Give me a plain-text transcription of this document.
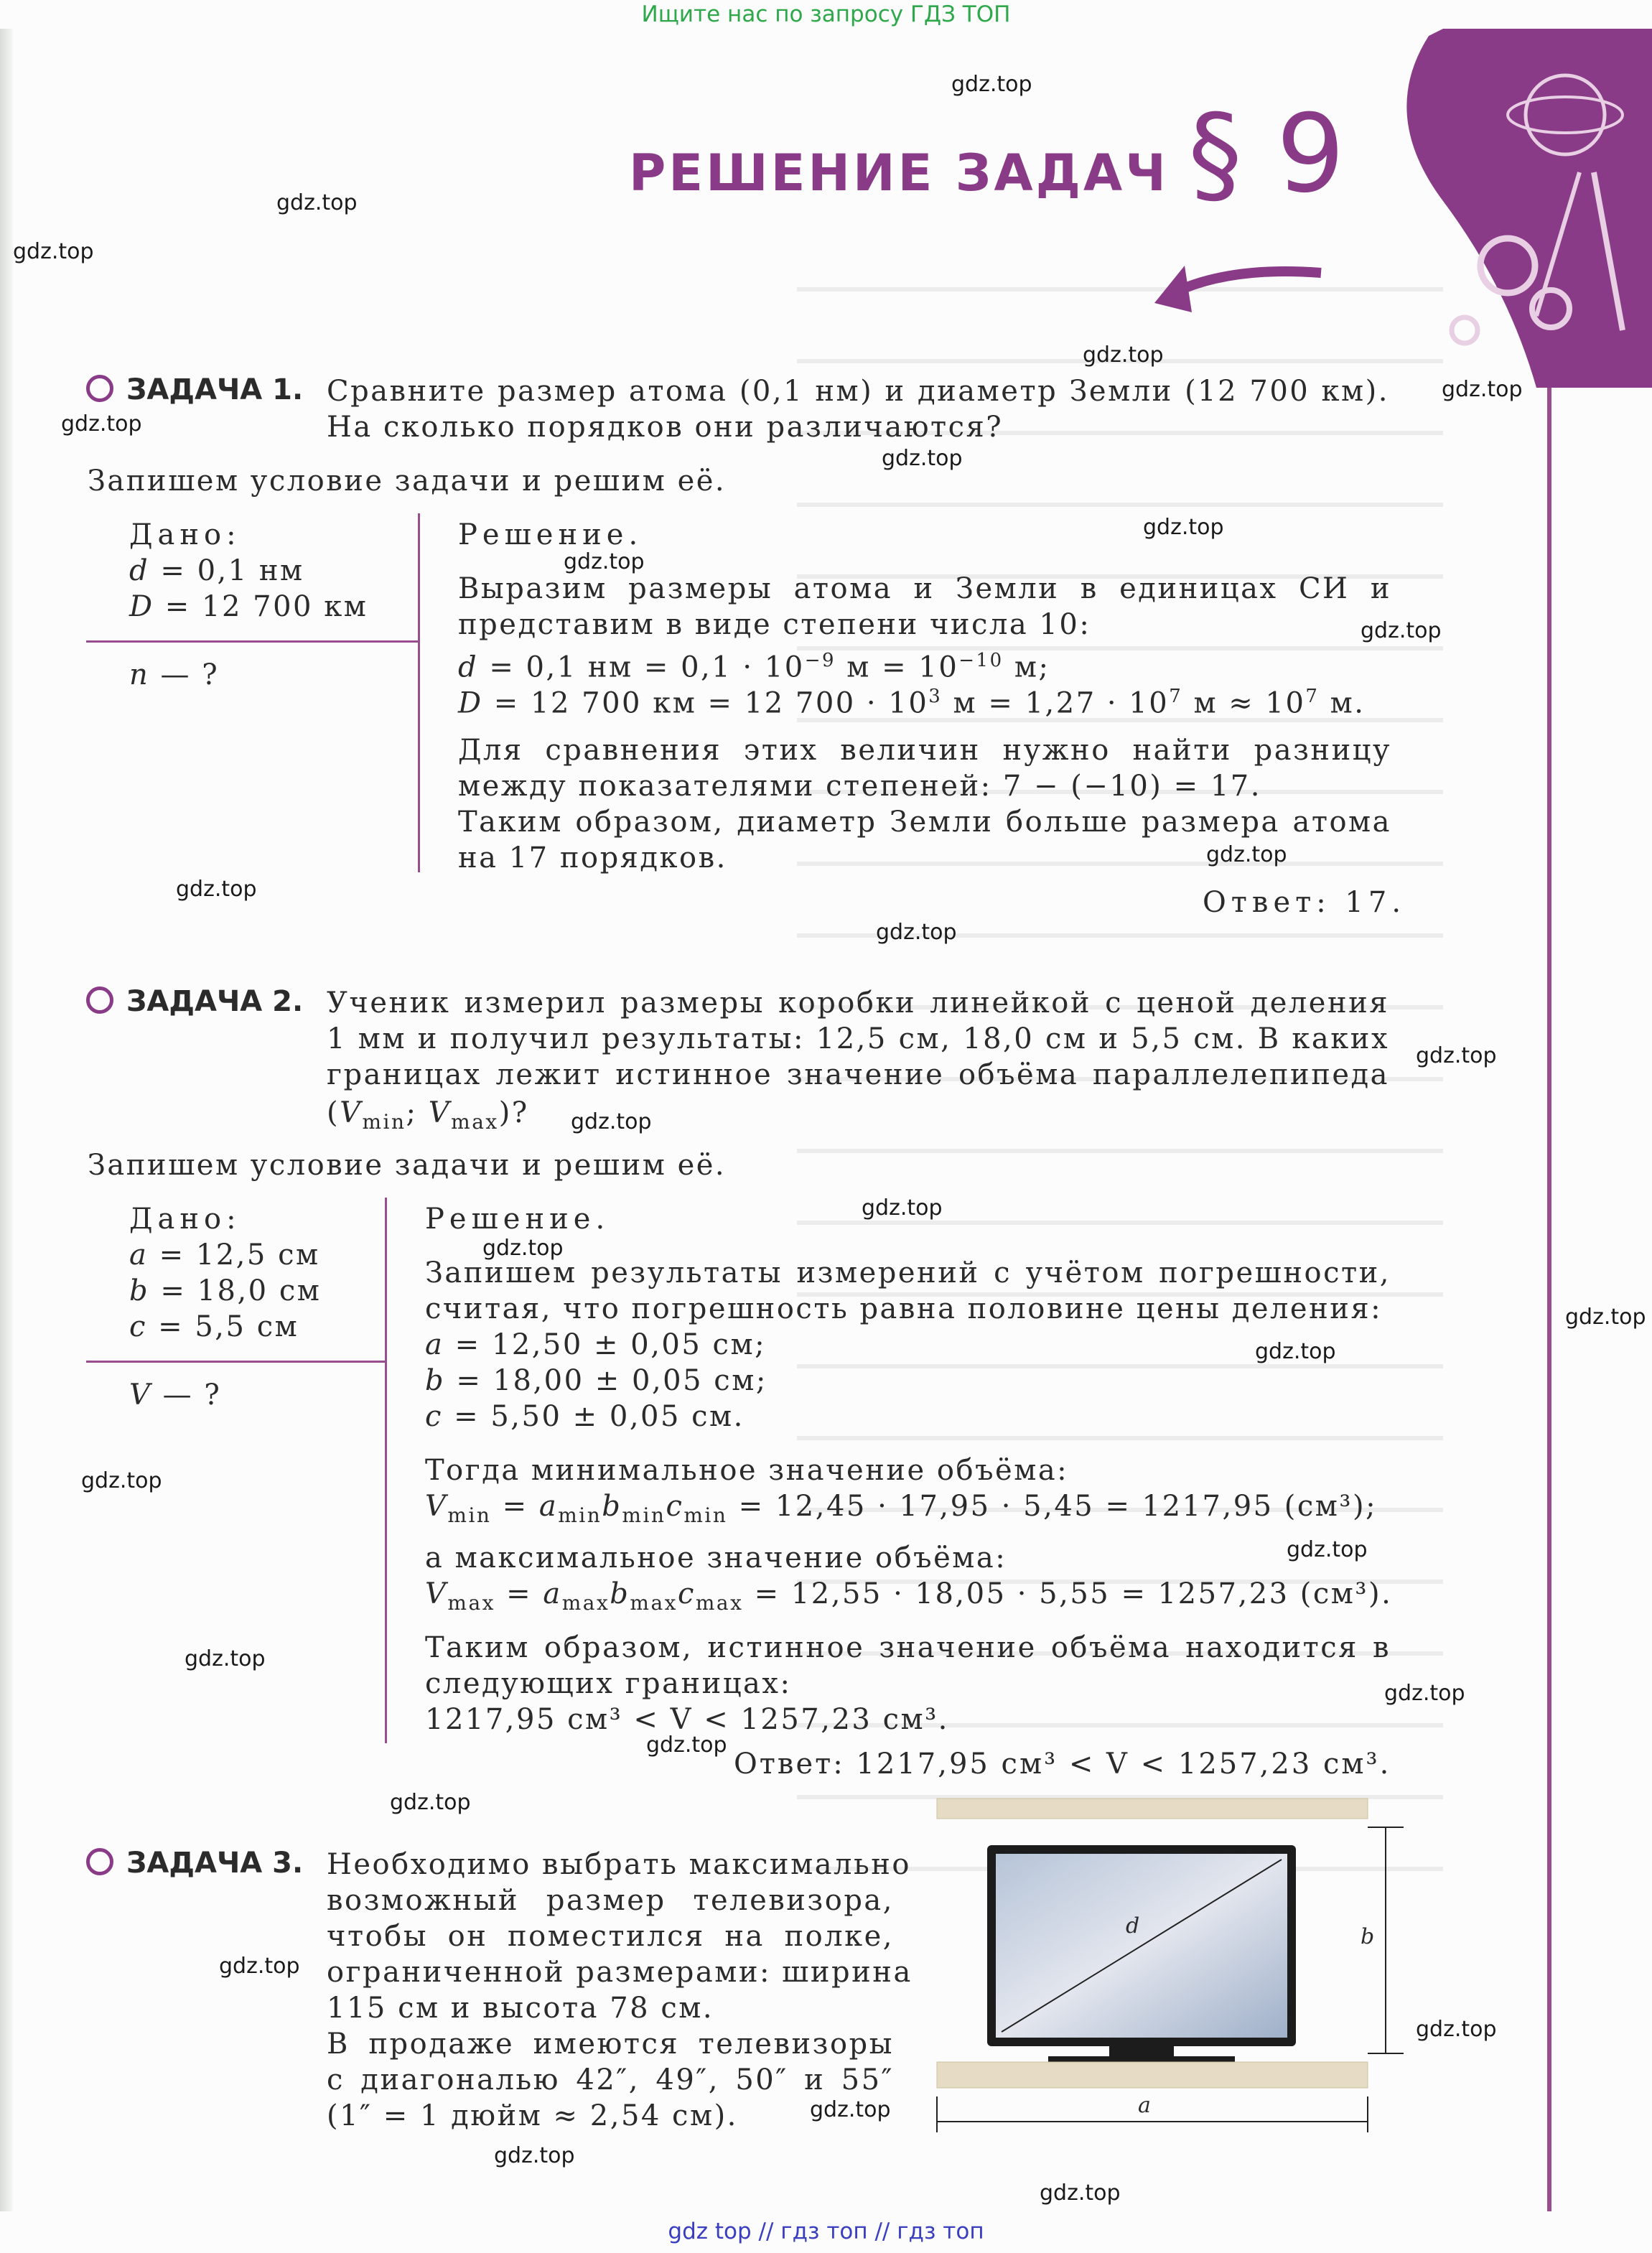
Ищите нас по запросу ГДЗ ТОП
РЕШЕНИЕ ЗАДАЧ § 9
ЗАДАЧА 1. Сравните размер атома (0,1 нм) и диаметр Земли (12 700 км).
На сколько порядков они различаются?
Запишем условие задачи и решим её.
Дано:
d = 0,1 нм
D = 12 700 км
n — ?
Решение.
Выразим размеры атома и Земли в единицах СИ и
представим в виде степени числа 10:
d = 0,1 нм = $0,1 \cdot 10^{-9}$ $м = 10^{-10}$ м;
D = 12 700 км = 12 $700 \cdot 10^3$ $м = 1,27 \cdot 10^7$ $м \approx 10^7$ м.
Для сравнения этих величин нужно найти разницу
между показателями степеней: 7 − (−10) = 17.
Таким образом, диаметр Земли больше размера атома
на 17 порядков.
Ответ: 17.
ЗАДАЧА 2. Ученик измерил размеры коробки линейкой с ценой деления
1 мм и получил результаты: 12,5 см, 18,0 см и 5,5 см. В каких
границах лежит истинное значение объёма параллелепипеда
($V_{min}$; $V_{max}$)?
Запишем условие задачи и решим её.
Дано:
a = 12,5 см
b = 18,0 см
c = 5,5 см
V — ?
Решение.
Запишем результаты измерений с учётом погрешности,
считая, что погрешность равна половине цены деления:
a = 12,50 ± 0,05 см;
b = 18,00 ± 0,05 см;
c = 5,50 ± 0,05 см.
Тогда минимальное значение объёма:
$V_{min} = a_{min}b_{min}c_{min} = 12,45 \cdot 17,95 \cdot 5,45 = 1217,95$ (см³);
а максимальное значение объёма:
$V_{max} = a_{max}b_{max}c_{max} = 12,55 \cdot 18,05 \cdot 5,55 = 1257,23$ (см³).
Таким образом, истинное значение объёма находится в
следующих границах:
1217,95 см³ < V < 1257,23 см³.
Ответ: 1217,95 см³ < V < 1257,23 см³.
ЗАДАЧА 3. Необходимо выбрать максимально
возможный размер телевизора,
чтобы он поместился на полке,
ограниченной размерами: ширина
115 см и высота 78 см.
В продаже имеются телевизоры
с диагональю 42″, 49″, 50″ и 55″
(1″ = 1 дюйм ≈ 2,54 см).
d	b
a
gdz.top
gdz.top
gdz.top
gdz.top
gdz.top
gdz.top
gdz.top
gdz.top
gdz.top
gdz.top
gdz.top
gdz.top
gdz.top
gdz.top
gdz.top
gdz.top
gdz.top
gdz.top
gdz.top
gdz.top
gdz.top
gdz.top
gdz.top
gdz.top
gdz.top
gdz.top
gdz.top
gdz.top
gdz.top
gdz.top
gdz top // гдз топ // гдз топ
